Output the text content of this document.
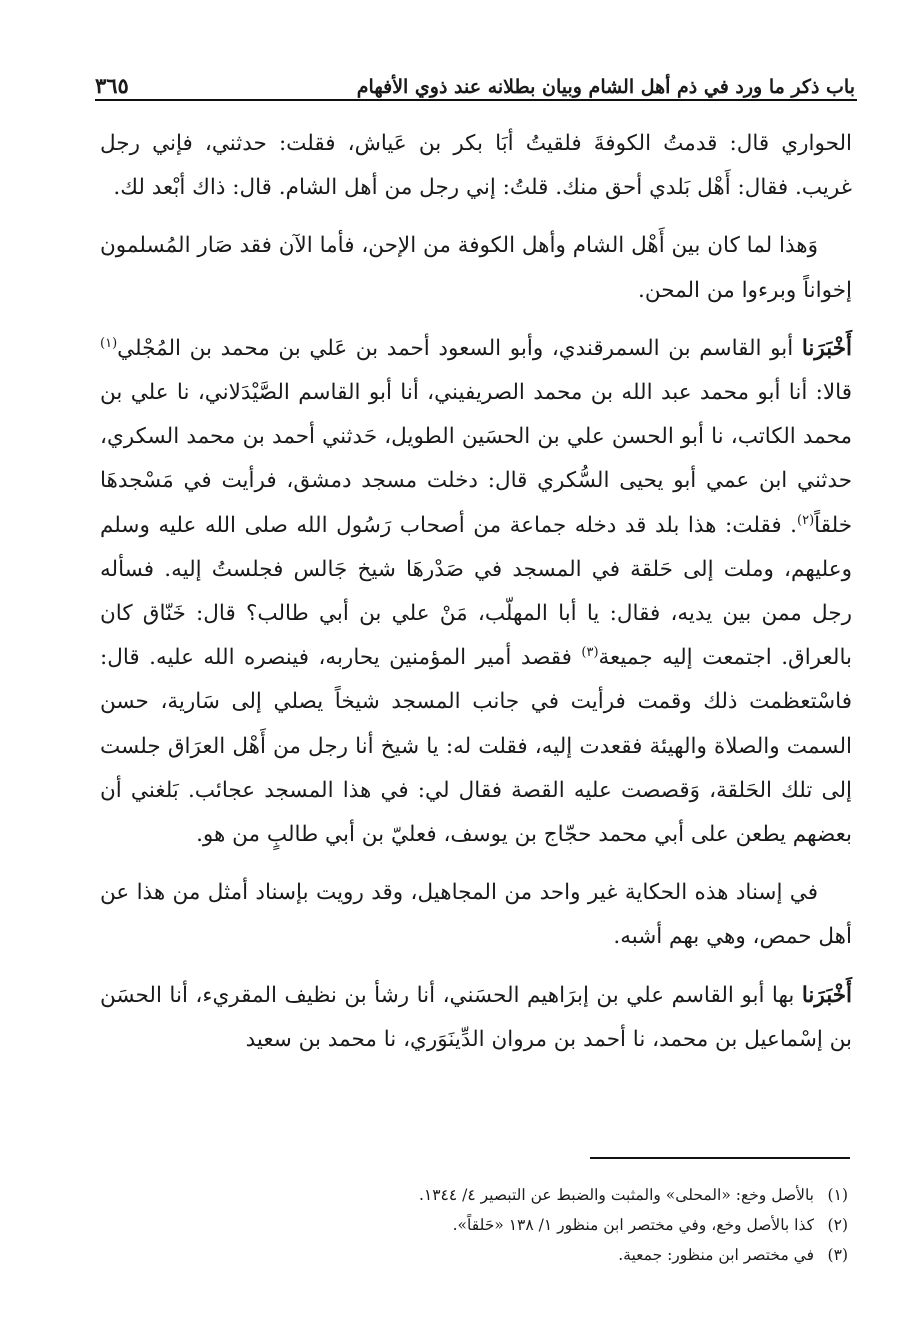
باب ذكر ما ورد في ذم أهل الشام وبيان بطلانه عند ذوي الأفهام
٣٦٥

الحواري قال: قدمتُ الكوفةَ فلقيتُ أبَا بكر بن عَياش، فقلت: حدثني، فإني رجل غريب. فقال: أَهْل بَلدي أحق منك. قلتُ: إني رجل من أهل الشام. قال: ذاك أبْعد لك.

وَهذا لما كان بين أَهْل الشام وأهل الكوفة من الإحن، فأما الآن فقد صَار المُسلمون إخواناً وبرءوا من المحن.

أَخْبَرَنا أبو القاسم بن السمرقندي، وأبو السعود أحمد بن عَلي بن محمد بن المُجْلي$^{(١)}$ قالا: أنا أبو محمد عبد الله بن محمد الصريفيني، أنا أبو القاسم الصَّيْدَلاني، نا علي بن محمد الكاتب، نا أبو الحسن علي بن الحسَين الطويل، حَدثني أحمد بن محمد السكري، حدثني ابن عمي أبو يحيى السُّكري قال: دخلت مسجد دمشق، فرأيت في مَسْجدهَا خلقاً$^{(٢)}$. فقلت: هذا بلد قد دخله جماعة من أصحاب رَسُول الله صلى الله عليه وسلم وعليهم، وملت إلى حَلقة في المسجد في صَدْرهَا شيخ جَالس فجلستُ إليه. فسأله رجل ممن بين يديه، فقال: يا أبا المهلّب، مَنْ علي بن أبي طالب؟ قال: خَنّاق كان بالعراق. اجتمعت إليه جميعة$^{(٣)}$ فقصد أمير المؤمنين يحاربه، فينصره الله عليه. قال: فاسْتعظمت ذلك وقمت فرأيت في جانب المسجد شيخاً يصلي إلى سَارية، حسن السمت والصلاة والهيئة فقعدت إليه، فقلت له: يا شيخ أنا رجل من أَهْل العرَاق جلست إلى تلك الحَلقة، وَقصصت عليه القصة فقال لي: في هذا المسجد عجائب. بَلغني أن بعضهم يطعن على أبي محمد حجّاج بن يوسف، فعليّ بن أبي طالبٍ من هو.

في إسناد هذه الحكاية غير واحد من المجاهيل، وقد رويت بإسناد أمثل من هذا عن أهل حمص، وهي بهم أشبه.

أَخْبَرَنا بها أبو القاسم علي بن إبرَاهيم الحسَني، أنا رشأ بن نظيف المقريء، أنا الحسَن بن إسْماعيل بن محمد، نا أحمد بن مروان الدِّينَوَري، نا محمد بن سعيد

(١)بالأصل وخع: «المحلى» والمثبت والضبط عن التبصير ٤/ ١٣٤٤.
(٢)كذا بالأصل وخع، وفي مختصر ابن منظور ١/ ١٣٨ «حَلقاً».
(٣)في مختصر ابن منظور: جمعية.
